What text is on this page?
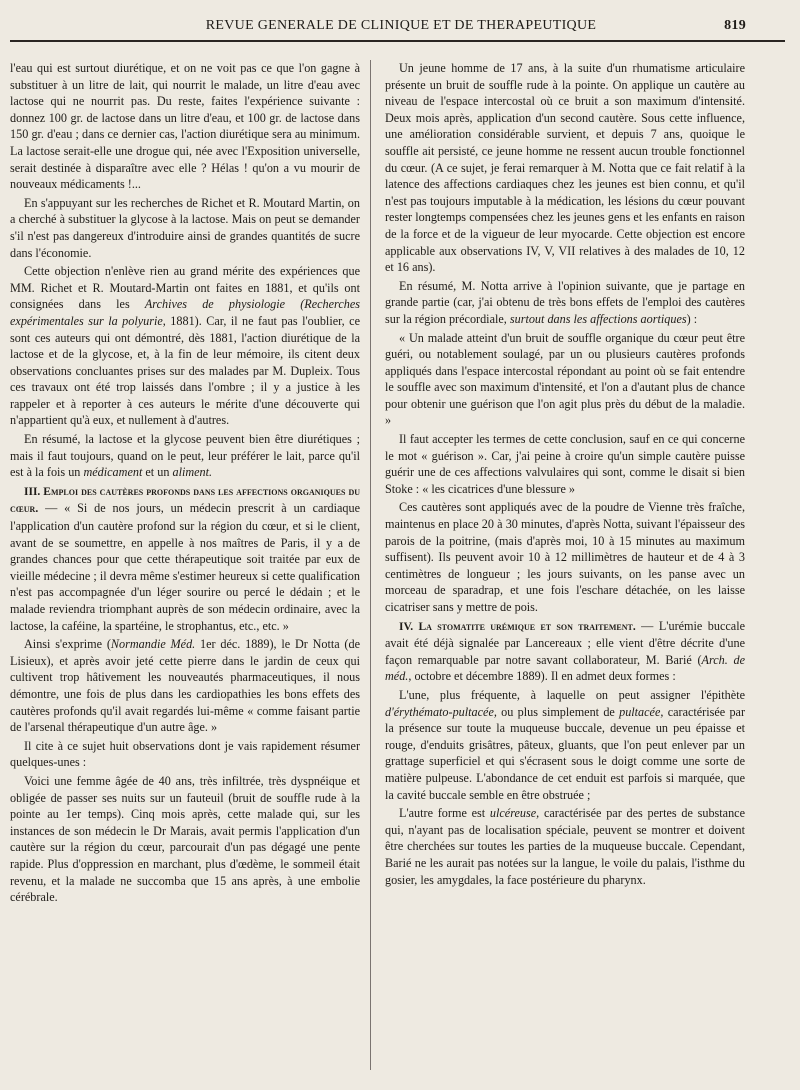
REVUE GENERALE DE CLINIQUE ET DE THERAPEUTIQUE	819

l'eau qui est surtout diurétique, et on ne voit pas ce que l'on gagne à substituer à un litre de lait, qui nourrit le malade, un litre d'eau avec lactose qui ne nourrit pas. Du reste, faites l'expérience suivante : donnez 100 gr. de lactose dans un litre d'eau, et 100 gr. de lactose dans 150 gr. d'eau ; dans ce dernier cas, l'action diurétique sera au minimum. La lactose serait-elle une drogue qui, née avec l'Exposition universelle, serait destinée à disparaître avec elle ? Hélas ! qu'on a vu mourir de nouveaux médicaments !...

En s'appuyant sur les recherches de Richet et R. Moutard Martin, on a cherché à substituer la glycose à la lactose. Mais on peut se demander s'il n'est pas dangereux d'introduire ainsi de grandes quantités de sucre dans l'économie.

Cette objection n'enlève rien au grand mérite des expériences que MM. Richet et R. Moutard-Martin ont faites en 1881, et qu'ils ont consignées dans les Archives de physiologie (Recherches expérimentales sur la polyurie, 1881). Car, il ne faut pas l'oublier, ce sont ces auteurs qui ont démontré, dès 1881, l'action diurétique de la lactose et de la glycose, et, à la fin de leur mémoire, ils citent deux observations concluantes prises sur des malades par M. Dupleix. Tous ces travaux ont été trop laissés dans l'ombre ; il y a justice à les rappeler et à reporter à ces auteurs le mérite d'une découverte qui n'appartient qu'à eux, et nullement à d'autres.

En résumé, la lactose et la glycose peuvent bien être diurétiques ; mais il faut toujours, quand on le peut, leur préférer le lait, parce qu'il est à la fois un médicament et un aliment.

III. Emploi des cautères profonds dans les affections organiques du cœur. — « Si de nos jours, un médecin prescrit à un cardiaque l'application d'un cautère profond sur la région du cœur, et si le client, avant de se soumettre, en appelle à nos maîtres de Paris, il y a de grandes chances pour que cette thérapeutique soit traitée par eux de vieille médecine ; il devra même s'estimer heureux si cette qualification n'est pas accompagnée d'un léger sourire ou percé le dédain ; et le malade reviendra triomphant auprès de son médecin ordinaire, avec la lactose, la caféine, la spartéine, le strophantus, etc., etc. »

Ainsi s'exprime (Normandie Méd. 1er déc. 1889), le Dr Notta (de Lisieux), et après avoir jeté cette pierre dans le jardin de ceux qui cultivent trop hâtivement les nouveautés pharmaceutiques, il nous démontre, une fois de plus dans les cardiopathies les bons effets des cautères profonds qu'il avait regardés lui-même « comme faisant partie de l'arsenal thérapeutique d'un autre âge. »

Il cite à ce sujet huit observations dont je vais rapidement résumer quelques-unes :

Voici une femme âgée de 40 ans, très infiltrée, très dyspnéique et obligée de passer ses nuits sur un fauteuil (bruit de souffle rude à la pointe au 1er temps). Cinq mois après, cette malade qui, sur les instances de son médecin le Dr Marais, avait permis l'application d'un cautère sur la région du cœur, parcourait d'un pas dégagé une pente rapide. Plus d'oppression en marchant, plus d'œdème, le sommeil était revenu, et la malade ne succomba que 15 ans après, à une embolie cérébrale.

Un jeune homme de 17 ans, à la suite d'un rhumatisme articulaire présente un bruit de souffle rude à la pointe. On applique un cautère au niveau de l'espace intercostal où ce bruit a son maximum d'intensité. Deux mois après, application d'un second cautère. Sous cette influence, une amélioration considérable survient, et depuis 7 ans, quoique le souffle ait persisté, ce jeune homme ne ressent aucun trouble fonctionnel du cœur. (A ce sujet, je ferai remarquer à M. Notta que ce fait relatif à la latence des affections cardiaques chez les jeunes est bien connu, et qu'il n'est pas toujours imputable à la médication, les lésions du cœur pouvant rester longtemps compensées chez les jeunes gens et les enfants en raison de la force et de la vigueur de leur myocarde. Cette objection est encore applicable aux observations IV, V, VII relatives à des malades de 10, 12 et 16 ans).

En résumé, M. Notta arrive à l'opinion suivante, que je partage en grande partie (car, j'ai obtenu de très bons effets de l'emploi des cautères sur la région précordiale, surtout dans les affections aortiques) :

« Un malade atteint d'un bruit de souffle organique du cœur peut être guéri, ou notablement soulagé, par un ou plusieurs cautères profonds appliqués dans l'espace intercostal répondant au point où se fait entendre le souffle avec son maximum d'intensité, et l'on a d'autant plus de chance pour obtenir une guérison que l'on agit plus près du début de la maladie. »

Il faut accepter les termes de cette conclusion, sauf en ce qui concerne le mot « guérison ». Car, j'ai peine à croire qu'un simple cautère puisse guérir une de ces affections valvulaires qui sont, comme le disait si bien Stoke : « les cicatrices d'une blessure »

Ces cautères sont appliqués avec de la poudre de Vienne très fraîche, maintenus en place 20 à 30 minutes, d'après Notta, suivant l'épaisseur des parois de la poitrine, (mais d'après moi, 10 à 15 minutes au maximum suffisent). Ils peuvent avoir 10 à 12 millimètres de hauteur et de 4 à 3 centimètres de longueur ; les jours suivants, on les panse avec un morceau de sparadrap, et une fois l'eschare détachée, on les laisse cicatriser sans y mettre de pois.

IV. La stomatite urémique et son traitement. — L'urémie buccale avait été déjà signalée par Lancereaux ; elle vient d'être décrite d'une façon remarquable par notre savant collaborateur, M. Barié (Arch. de méd., octobre et décembre 1889). Il en admet deux formes :

L'une, plus fréquente, à laquelle on peut assigner l'épithète d'érythémato-pultacée, ou plus simplement de pultacée, caractérisée par la présence sur toute la muqueuse buccale, devenue un peu épaisse et rouge, d'enduits grisâtres, pâteux, gluants, que l'on peut enlever par un grattage superficiel et qui s'écrasent sous le doigt comme une sorte de matière pulpeuse. L'abondance de cet enduit est parfois si marquée, que la cavité buccale semble en être obstruée ;

L'autre forme est ulcéreuse, caractérisée par des pertes de substance qui, n'ayant pas de localisation spéciale, peuvent se montrer et doivent être cherchées sur toutes les parties de la muqueuse buccale. Cependant, Barié ne les aurait pas notées sur la langue, le voile du palais, l'isthme du gosier, les amygdales, la face postérieure du pharynx.
